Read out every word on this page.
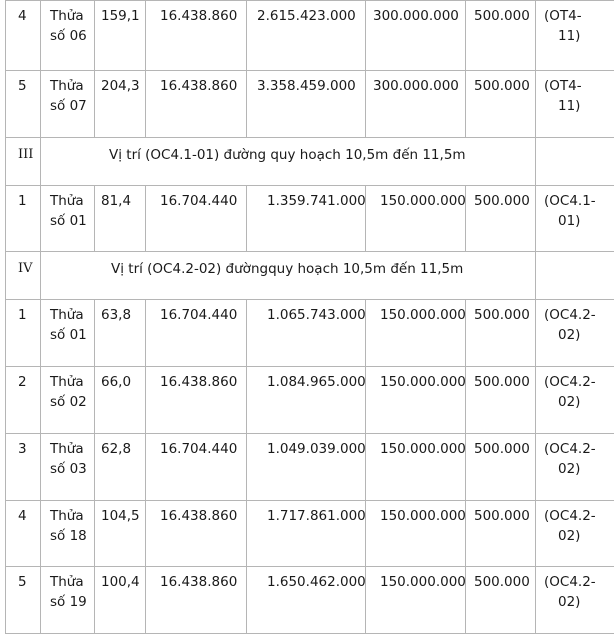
4 Thửa
số 06
159,1 16.438.860 2.615.423.000 300.000.000 500.000 (OT4-
11)
5 Thửa
số 07
204,3 16.438.860 3.358.459.000 300.000.000 500.000 (OT4-
11)
III	Vị trí (OC4.1-01) đường quy hoạch 10,5m đến 11,5m
1 Thửa
số 01
81,4 16.704.440 1.359.741.000 150.000.000 500.000 (OC4.1-
01)
IV	Vị trí (OC4.2-02) đườngquy hoạch 10,5m đến 11,5m
1 Thửa
số 01
63,8 16.704.440 1.065.743.000 150.000.000 500.000 (OC4.2-
02)
2 Thửa
số 02
66,0 16.438.860 1.084.965.000 150.000.000 500.000 (OC4.2-
02)
3 Thửa
số 03
62,8 16.704.440 1.049.039.000 150.000.000 500.000 (OC4.2-
02)
4 Thửa
số 18
104,5 16.438.860 1.717.861.000 150.000.000 500.000 (OC4.2-
02)
5 Thửa
số 19
100,4 16.438.860 1.650.462.000 150.000.000 500.000 (OC4.2-
02)
